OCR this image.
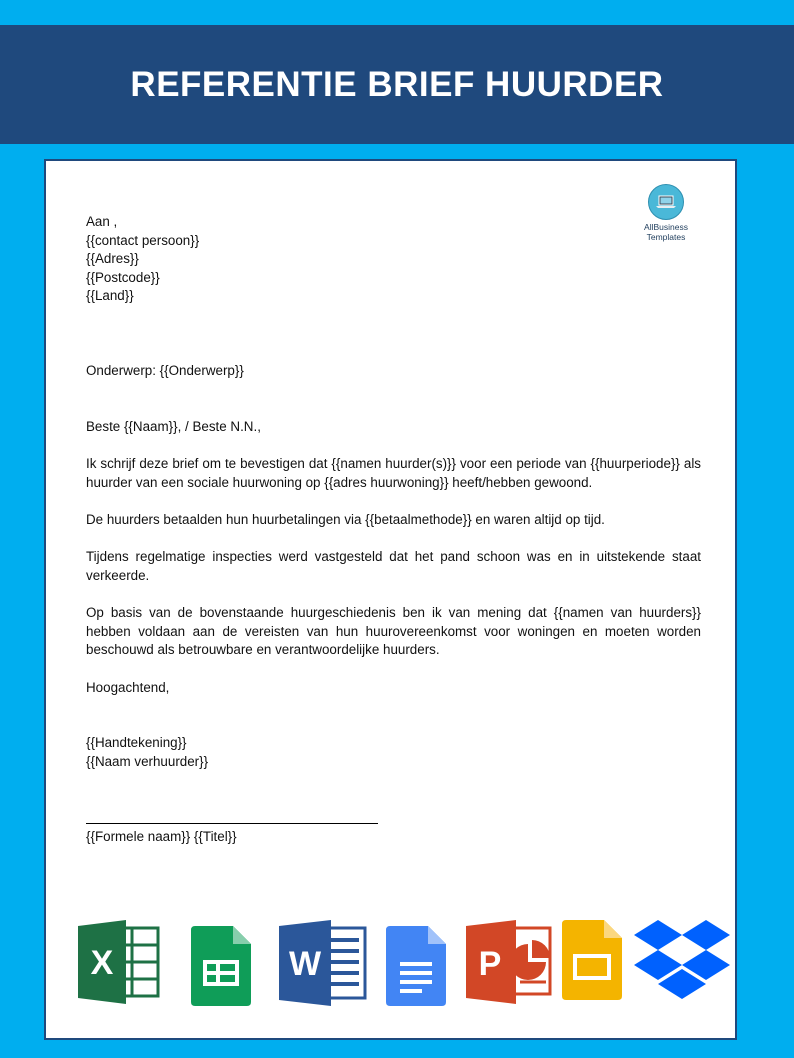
REFERENTIE BRIEF HUURDER
AllBusiness
Templates

Aan ,

{{contact persoon}}

{{Adres}}

{{Postcode}}

{{Land}}

Onderwerp: {{Onderwerp}}

Beste {{Naam}}, / Beste N.N.,

Ik schrijf deze brief om te bevestigen dat {{namen huurder(s)}} voor een periode van {{huurperiode}} als huurder van een sociale huurwoning op {{adres huurwoning}} heeft/hebben gewoond.

De huurders betaalden hun huurbetalingen via {{betaalmethode}} en waren altijd op tijd.

Tijdens regelmatige inspecties werd vastgesteld dat het pand schoon was en in uitstekende staat verkeerde.

Op basis van de bovenstaande huurgeschiedenis ben ik van mening dat {{namen van huurders}} hebben voldaan aan de vereisten van hun huurovereenkomst voor woningen en moeten worden beschouwd als betrouwbare en verantwoordelijke huurders.

Hoogachtend,

{{Handtekening}}

{{Naam verhuurder}}

{{Formele naam}} {{Titel}}

X	W	P
